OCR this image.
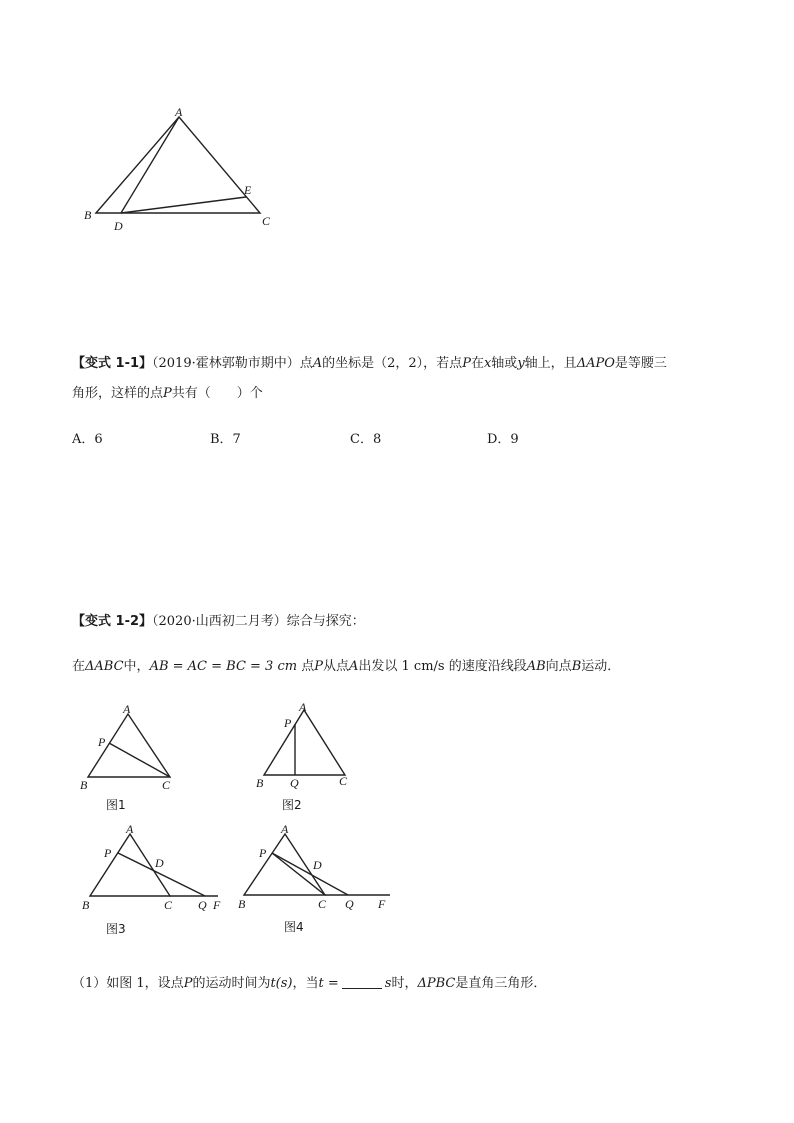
A
B	C
D
E
【变式 1-1】（2019·霍林郭勒市期中）点A的坐标是（2，2），若点P在x轴或y轴上，且ΔAPO是等腰三
角形，这样的点P共有（　　）个
A．6	B．7	C．8	D．9
【变式 1-2】（2020·山西初二月考）综合与探究：
在ΔABC中，AB = AC = BC = 3 cm 点P从点A出发以 1 cm/s 的速度沿线段AB向点B运动．
A
P
B	C
图1
A
P
B Q	C
图2
A
P
D
B	C Q F
图3
A
P
D
B	C Q F
图4
（1）如图 1，设点P的运动时间为t(s)，当t =	s时，ΔPBC是直角三角形．
